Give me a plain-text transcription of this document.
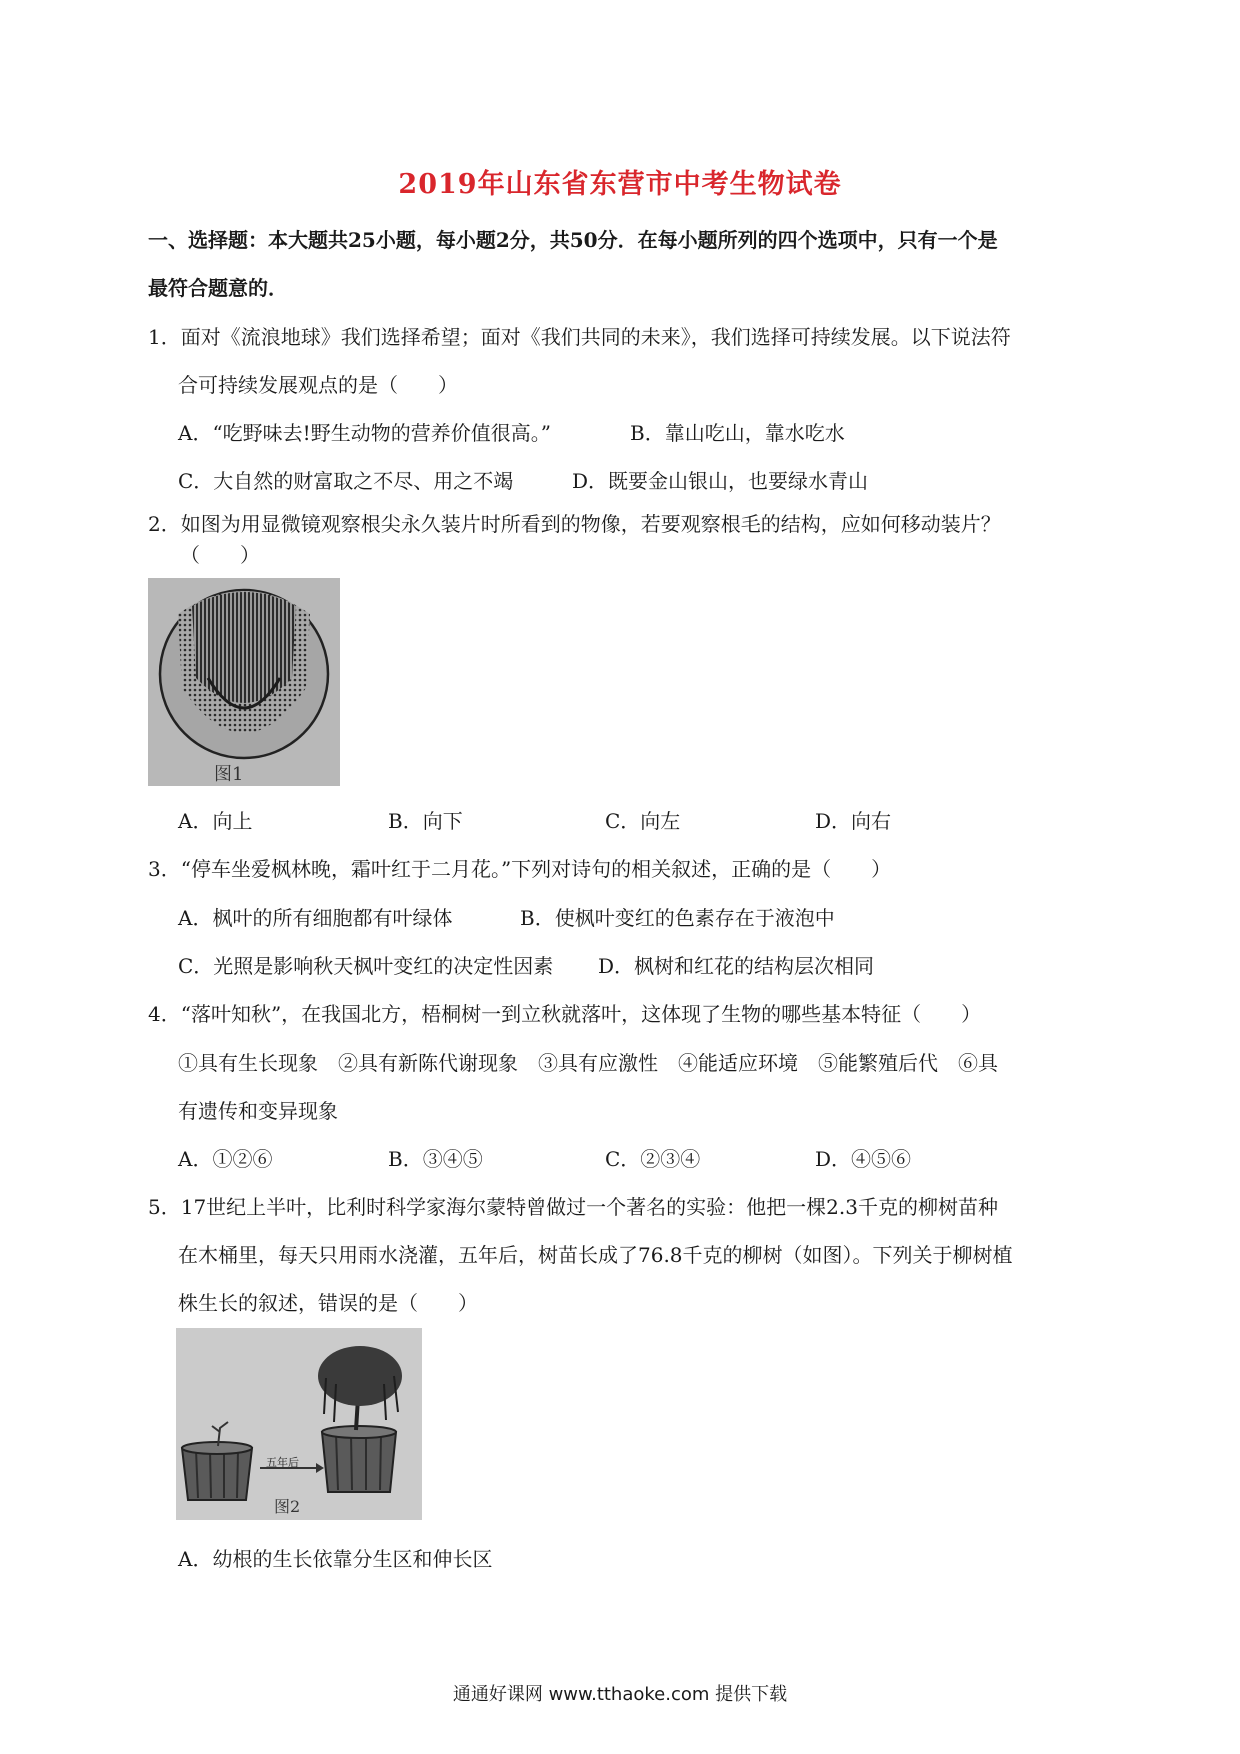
2019年山东省东营市中考生物试卷
一、选择题：本大题共25小题，每小题2分，共50分．在每小题所列的四个选项中，只有一个是
最符合题意的．
1．面对《流浪地球》我们选择希望；面对《我们共同的未来》，我们选择可持续发展。以下说法符
合可持续发展观点的是（　　）
A．“吃野味去!野生动物的营养价值很高。”	B．靠山吃山，靠水吃水
C．大自然的财富取之不尽、用之不竭	D．既要金山银山，也要绿水青山
2．如图为用显微镜观察根尖永久装片时所看到的物像，若要观察根毛的结构，应如何移动装片？
（　　）
图1
A．向上	B．向下	C．向左	D．向右
3．“停车坐爱枫林晚，霜叶红于二月花。”下列对诗句的相关叙述，正确的是（　　）
A．枫叶的所有细胞都有叶绿体	B．使枫叶变红的色素存在于液泡中
C．光照是影响秋天枫叶变红的决定性因素 D．枫树和红花的结构层次相同
4．“落叶知秋”，在我国北方，梧桐树一到立秋就落叶，这体现了生物的哪些基本特征（　　）
①具有生长现象　②具有新陈代谢现象　③具有应激性　④能适应环境　⑤能繁殖后代　⑥具
有遗传和变异现象
A．①②⑥	B．③④⑤	C．②③④	D．④⑤⑥
5．17世纪上半叶，比利时科学家海尔蒙特曾做过一个著名的实验：他把一棵2.3千克的柳树苗种
在木桶里，每天只用雨水浇灌，五年后，树苗长成了76.8千克的柳树（如图）。下列关于柳树植
株生长的叙述，错误的是（　　）
五年后
图2
A．幼根的生长依靠分生区和伸长区
通通好课网 www.tthaoke.com 提供下载
